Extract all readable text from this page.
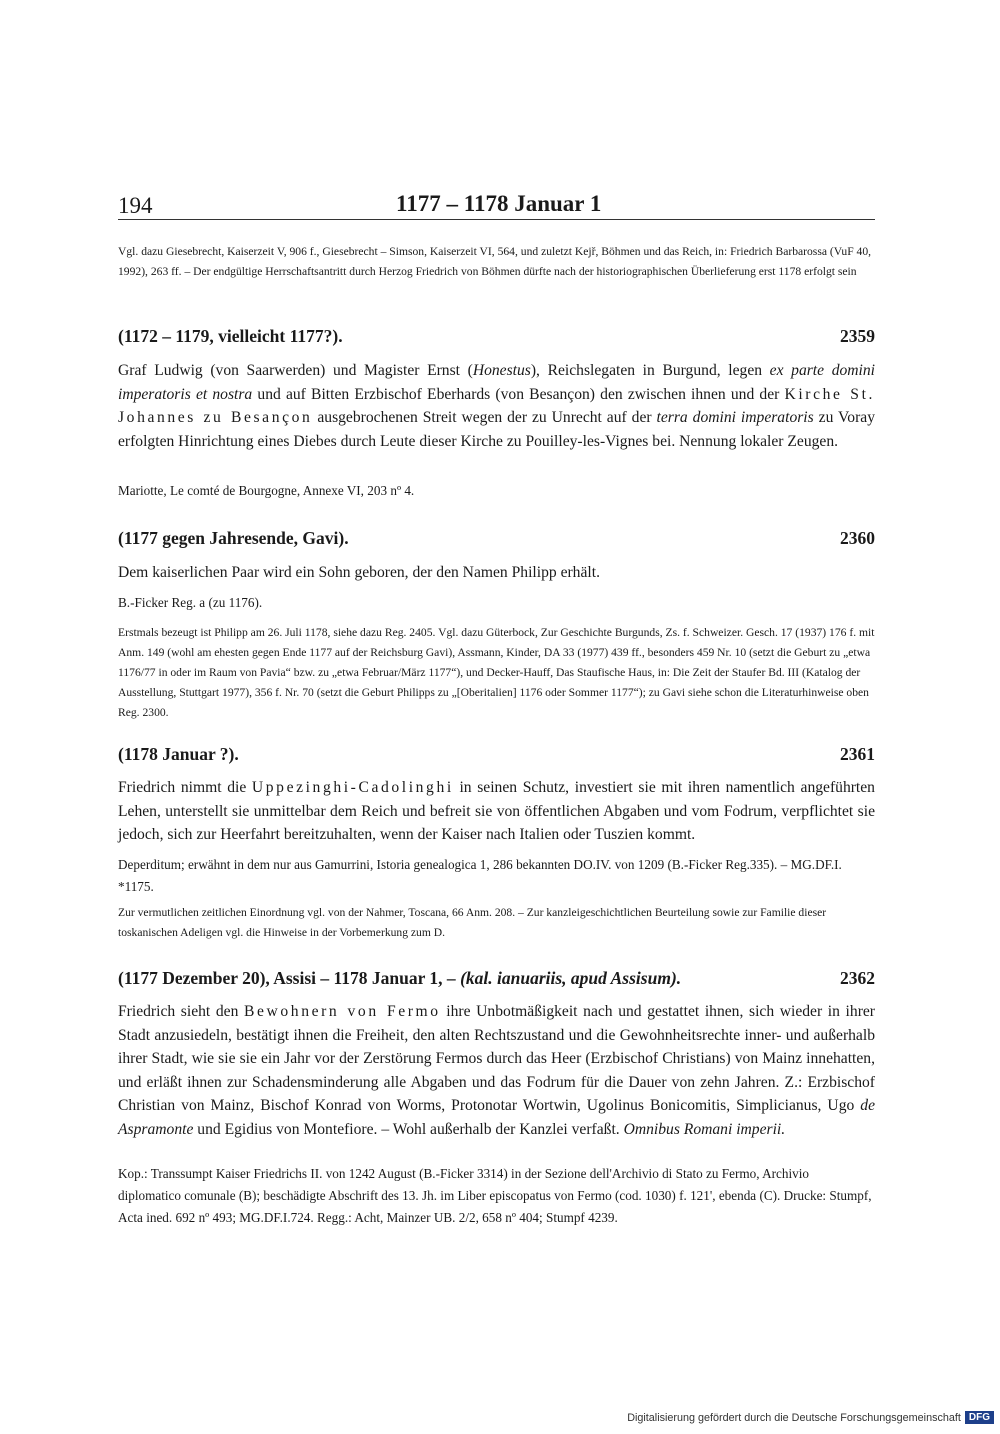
194	1177 – 1178 Januar 1

Vgl. dazu Giesebrecht, Kaiserzeit V, 906 f., Giesebrecht – Simson, Kaiserzeit VI, 564, und zuletzt Kejř, Böhmen und das Reich, in: Friedrich Barbarossa (VuF 40, 1992), 263 ff. – Der endgültige Herrschaftsantritt durch Herzog Friedrich von Böhmen dürfte nach der historiographischen Überlieferung erst 1178 erfolgt sein

(1172 – 1179, vielleicht 1177?).	2359

Graf Ludwig (von Saarwerden) und Magister Ernst (Honestus), Reichslegaten in Burgund, legen ex parte domini imperatoris et nostra und auf Bitten Erzbischof Eberhards (von Besançon) den zwischen ihnen und der Kirche St. Johannes zu Besançon ausgebrochenen Streit wegen der zu Unrecht auf der terra domini imperatoris zu Voray erfolgten Hinrichtung eines Diebes durch Leute dieser Kirche zu Pouilley-les-Vignes bei. Nennung lokaler Zeugen.

Mariotte, Le comté de Bourgogne, Annexe VI, 203 nº 4.
(1177 gegen Jahresende, Gavi).	2360
Dem kaiserlichen Paar wird ein Sohn geboren, der den Namen Philipp erhält.
B.-Ficker Reg. a (zu 1176).

Erstmals bezeugt ist Philipp am 26. Juli 1178, siehe dazu Reg. 2405. Vgl. dazu Güterbock, Zur Geschichte Burgunds, Zs. f. Schweizer. Gesch. 17 (1937) 176 f. mit Anm. 149 (wohl am ehesten gegen Ende 1177 auf der Reichsburg Gavi), Assmann, Kinder, DA 33 (1977) 439 ff., besonders 459 Nr. 10 (setzt die Geburt zu „etwa 1176/77 in oder im Raum von Pavia“ bzw. zu „etwa Februar/März 1177“), und Decker-Hauff, Das Staufische Haus, in: Die Zeit der Staufer Bd. III (Katalog der Ausstellung, Stuttgart 1977), 356 f. Nr. 70 (setzt die Geburt Philipps zu „[Oberitalien] 1176 oder Sommer 1177“); zu Gavi siehe schon die Literaturhinweise oben Reg. 2300.

(1178 Januar ?).	2361

Friedrich nimmt die Uppezinghi-Cadolinghi in seinen Schutz, investiert sie mit ihren namentlich angeführten Lehen, unterstellt sie unmittelbar dem Reich und befreit sie von öffentlichen Abgaben und vom Fodrum, verpflichtet sie jedoch, sich zur Heerfahrt bereitzuhalten, wenn der Kaiser nach Italien oder Tuszien kommt.

Deperditum; erwähnt in dem nur aus Gamurrini, Istoria genealogica 1, 286 bekannten DO.IV. von 1209 (B.-Ficker Reg.335). – MG.DF.I. *1175.

Zur vermutlichen zeitlichen Einordnung vgl. von der Nahmer, Toscana, 66 Anm. 208. – Zur kanzleigeschichtlichen Beurteilung sowie zur Familie dieser toskanischen Adeligen vgl. die Hinweise in der Vorbemerkung zum D.

(1177 Dezember 20), Assisi – 1178 Januar 1, – (kal. ianuariis, apud Assisum).	2362

Friedrich sieht den Bewohnern von Fermo ihre Unbotmäßigkeit nach und gestattet ihnen, sich wieder in ihrer Stadt anzusiedeln, bestätigt ihnen die Freiheit, den alten Rechtszustand und die Gewohnheitsrechte inner- und außerhalb ihrer Stadt, wie sie sie ein Jahr vor der Zerstörung Fermos durch das Heer (Erzbischof Christians) von Mainz innehatten, und erläßt ihnen zur Schadensminderung alle Abgaben und das Fodrum für die Dauer von zehn Jahren. Z.: Erzbischof Christian von Mainz, Bischof Konrad von Worms, Protonotar Wortwin, Ugolinus Bonicomitis, Simplicianus, Ugo de Aspramonte und Egidius von Montefiore. – Wohl außerhalb der Kanzlei verfaßt. Omnibus Romani imperii.

Kop.: Transsumpt Kaiser Friedrichs II. von 1242 August (B.-Ficker 3314) in der Sezione dell'Archivio di Stato zu Fermo, Archivio diplomatico comunale (B); beschädigte Abschrift des 13. Jh. im Liber episcopatus von Fermo (cod. 1030) f. 121', ebenda (C). Drucke: Stumpf, Acta ined. 692 nº 493; MG.DF.I.724. Regg.: Acht, Mainzer UB. 2/2, 658 nº 404; Stumpf 4239.

Digitalisierung gefördert durch die Deutsche Forschungsgemeinschaft DFG
